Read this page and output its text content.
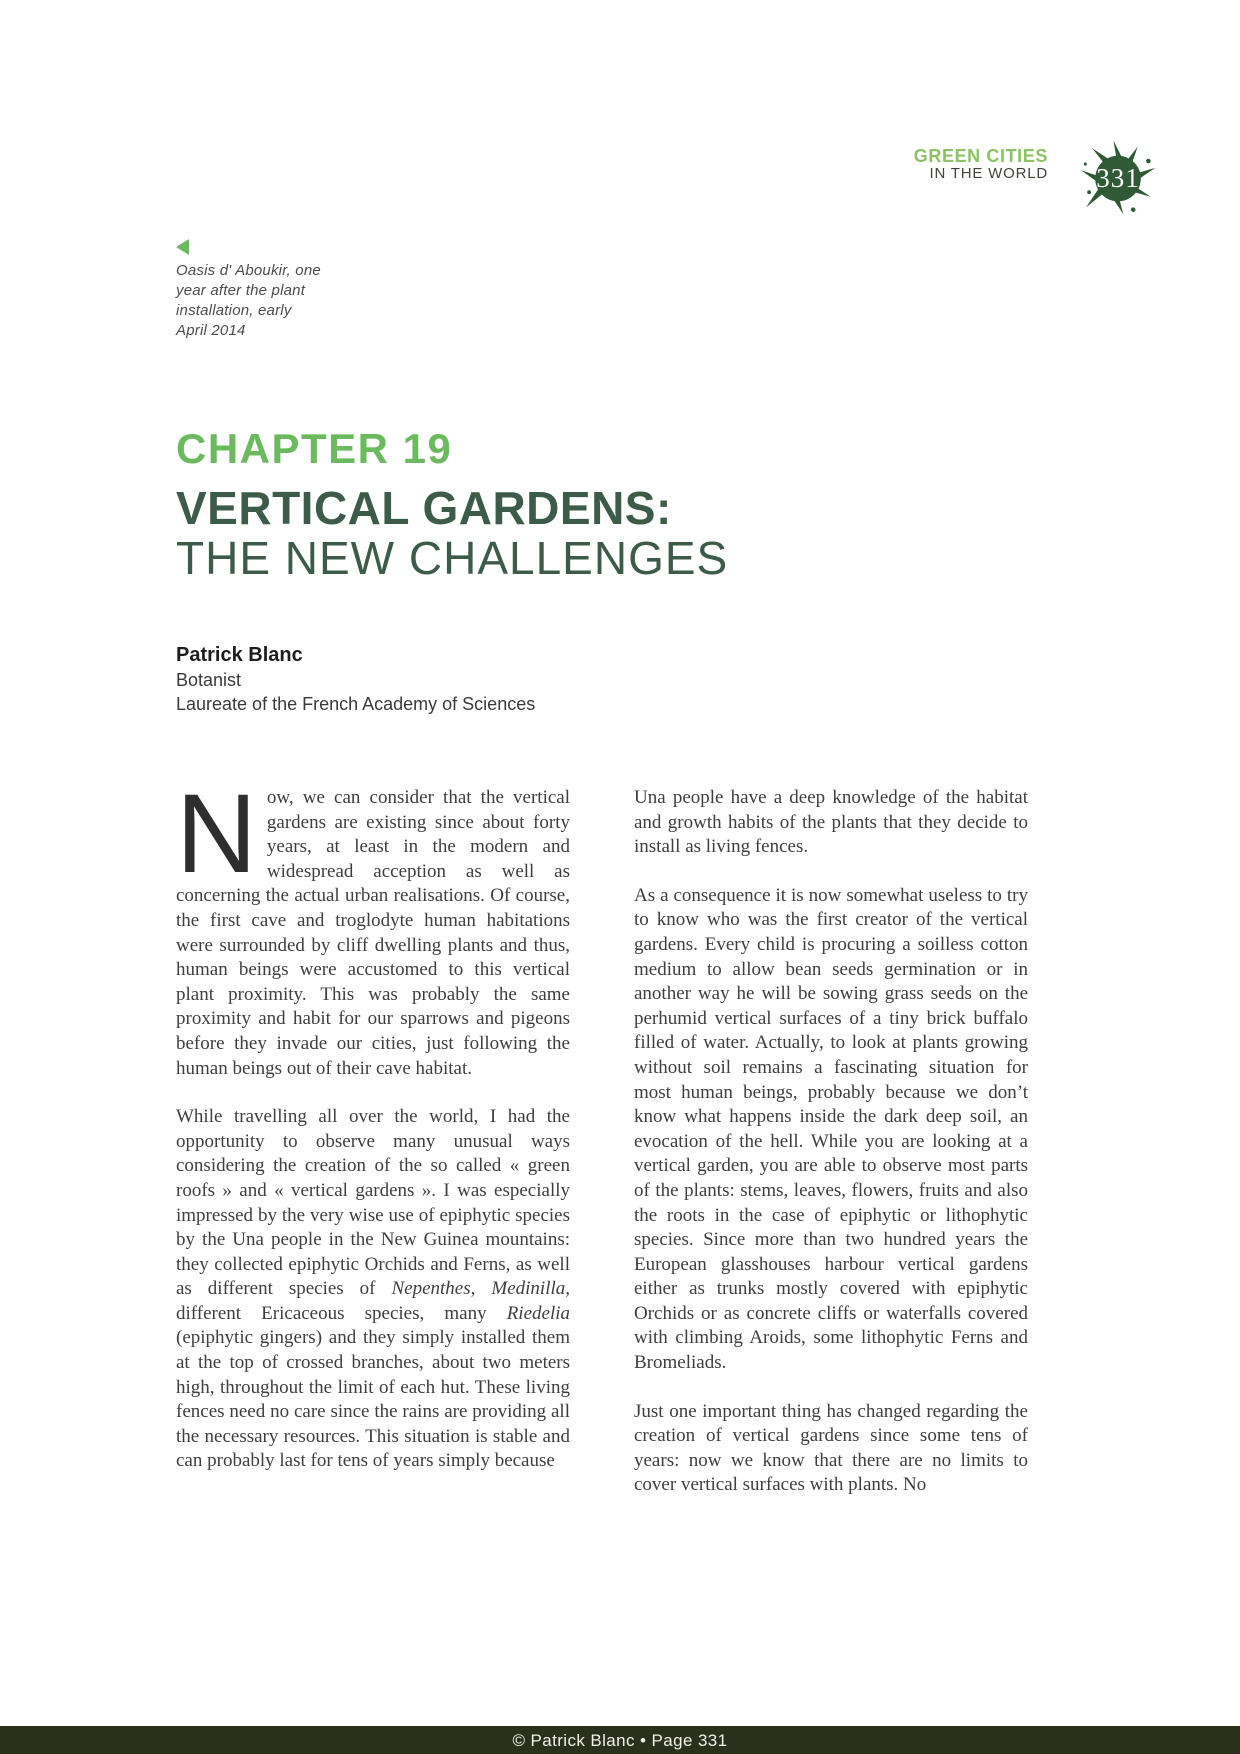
GREEN CITIES
IN THE WORLD	331
Oasis d' Aboukir, one
year after the plant
installation, early
April 2014
CHAPTER 19
VERTICAL GARDENS:
THE NEW CHALLENGES
Patrick Blanc
Botanist
Laureate of the French Academy of Sciences

Now, we can consider that the vertical gardens are existing since about forty years, at least in the modern and widespread acception as well as concerning the actual urban realisations. Of course, the first cave and troglodyte human habitations were surrounded by cliff dwelling plants and thus, human beings were accustomed to this vertical plant proximity. This was probably the same proximity and habit for our sparrows and pigeons before they invade our cities, just following the human beings out of their cave habitat.

While travelling all over the world, I had the opportunity to observe many unusual ways considering the creation of the so called « green roofs » and « vertical gardens ». I was especially impressed by the very wise use of epiphytic species by the Una people in the New Guinea mountains: they collected epiphytic Orchids and Ferns, as well as different species of Nepenthes, Medinilla, different Ericaceous species, many Riedelia (epiphytic gingers) and they simply installed them at the top of crossed branches, about two meters high, throughout the limit of each hut. These living fences need no care since the rains are providing all the necessary resources. This situation is stable and can probably last for tens of years simply because

Una people have a deep knowledge of the habitat and growth habits of the plants that they decide to install as living fences.

As a consequence it is now somewhat useless to try to know who was the first creator of the vertical gardens. Every child is procuring a soilless cotton medium to allow bean seeds germination or in another way he will be sowing grass seeds on the perhumid vertical surfaces of a tiny brick buffalo filled of water. Actually, to look at plants growing without soil remains a fascinating situation for most human beings, probably because we don’t know what happens inside the dark deep soil, an evocation of the hell. While you are looking at a vertical garden, you are able to observe most parts of the plants: stems, leaves, flowers, fruits and also the roots in the case of epiphytic or lithophytic species. Since more than two hundred years the European glasshouses harbour vertical gardens either as trunks mostly covered with epiphytic Orchids or as concrete cliffs or waterfalls covered with climbing Aroids, some lithophytic Ferns and Bromeliads.

Just one important thing has changed regarding the creation of vertical gardens since some tens of years: now we know that there are no limits to cover vertical surfaces with plants. No

© Patrick Blanc • Page 331
